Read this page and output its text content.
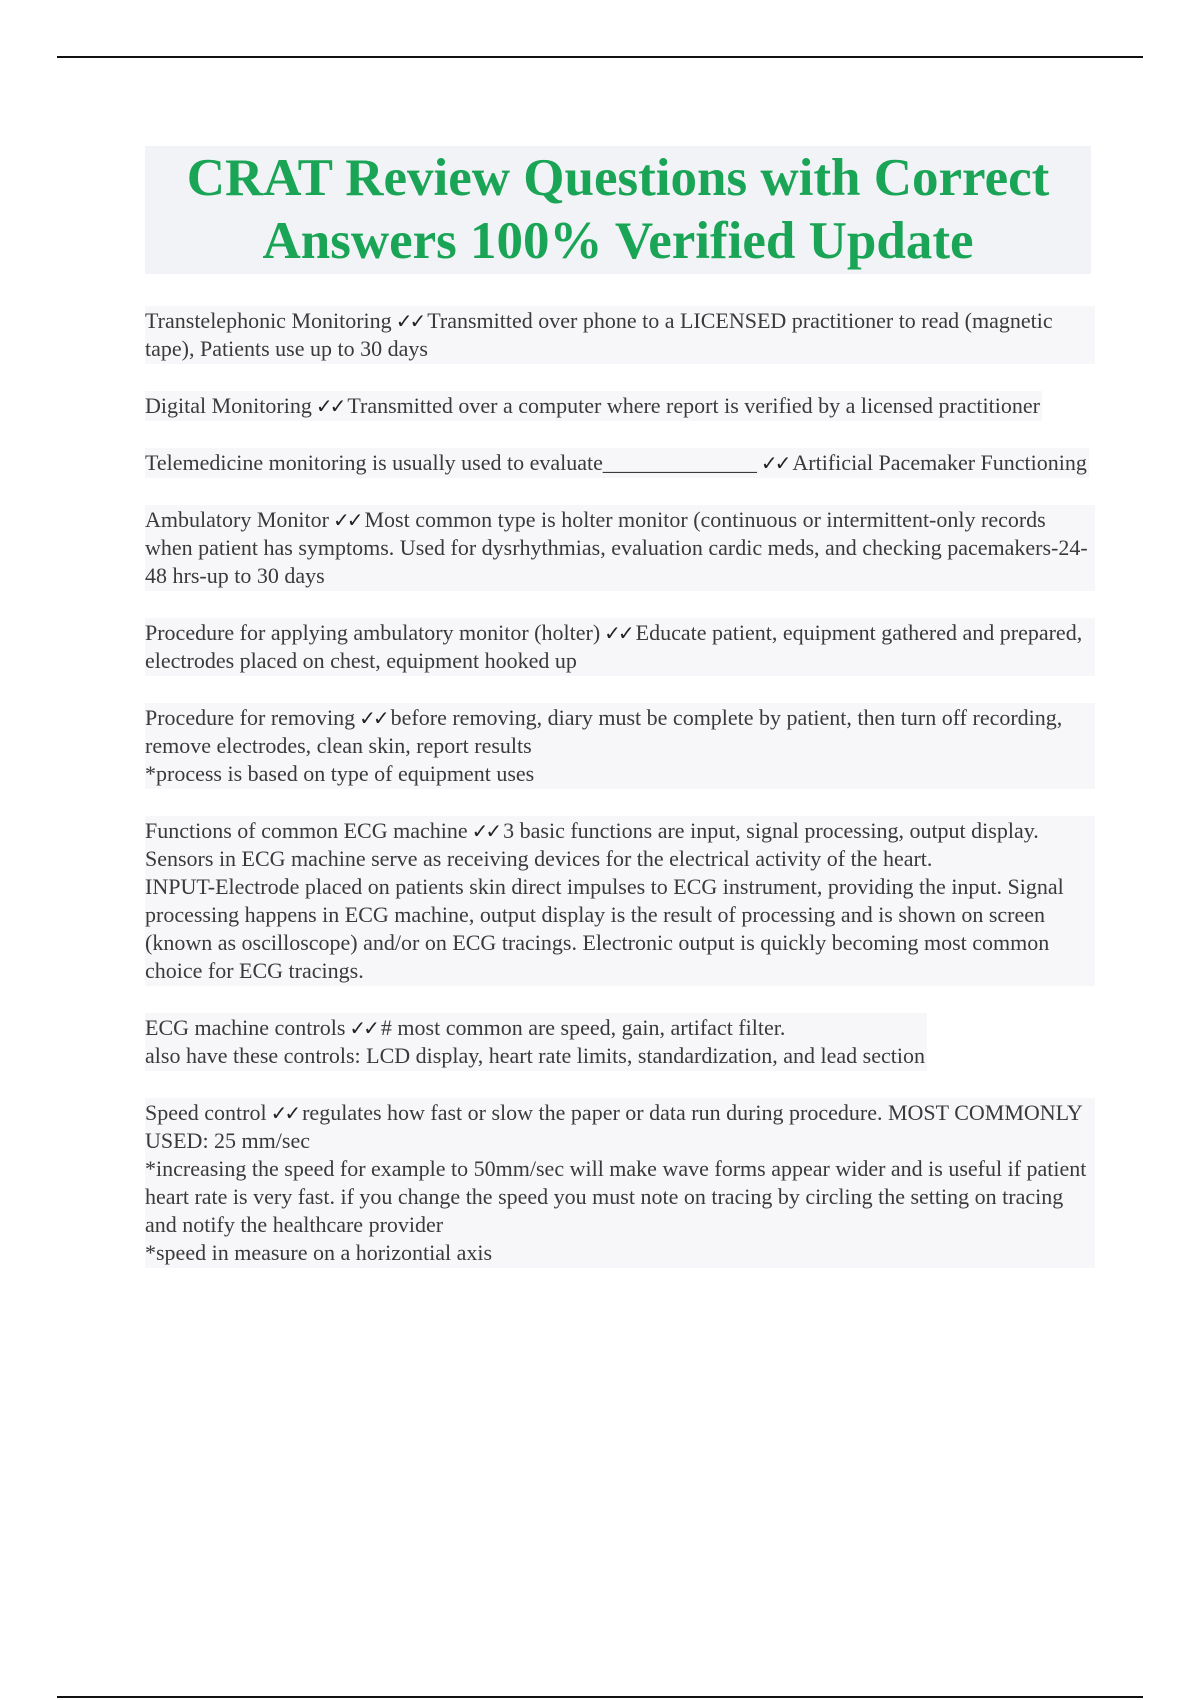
CRAT Review Questions with Correct Answers 100% Verified Update

Transtelephonic Monitoring ✓✓ Transmitted over phone to a LICENSED practitioner to read (magnetic tape), Patients use up to 30 days

Digital Monitoring ✓✓ Transmitted over a computer where report is verified by a licensed practitioner

Telemedicine monitoring is usually used to evaluate______________ ✓✓ Artificial Pacemaker Functioning

Ambulatory Monitor ✓✓ Most common type is holter monitor (continuous or intermittent-only records when patient has symptoms. Used for dysrhythmias, evaluation cardic meds, and checking pacemakers-24-48 hrs-up to 30 days

Procedure for applying ambulatory monitor (holter) ✓✓ Educate patient, equipment gathered and prepared, electrodes placed on chest, equipment hooked up

Procedure for removing ✓✓ before removing, diary must be complete by patient, then turn off recording, remove electrodes, clean skin, report results
*process is based on type of equipment uses

Functions of common ECG machine ✓✓ 3 basic functions are input, signal processing, output display. Sensors in ECG machine serve as receiving devices for the electrical activity of the heart.
INPUT-Electrode placed on patients skin direct impulses to ECG instrument, providing the input. Signal processing happens in ECG machine, output display is the result of processing and is shown on screen (known as oscilloscope) and/or on ECG tracings. Electronic output is quickly becoming most common choice for ECG tracings.

ECG machine controls ✓✓ # most common are speed, gain, artifact filter.
also have these controls: LCD display, heart rate limits, standardization, and lead section

Speed control ✓✓ regulates how fast or slow the paper or data run during procedure. MOST COMMONLY USED: 25 mm/sec
*increasing the speed for example to 50mm/sec will make wave forms appear wider and is useful if patient heart rate is very fast. if you change the speed you must note on tracing by circling the setting on tracing and notify the healthcare provider
*speed in measure on a horizontial axis
